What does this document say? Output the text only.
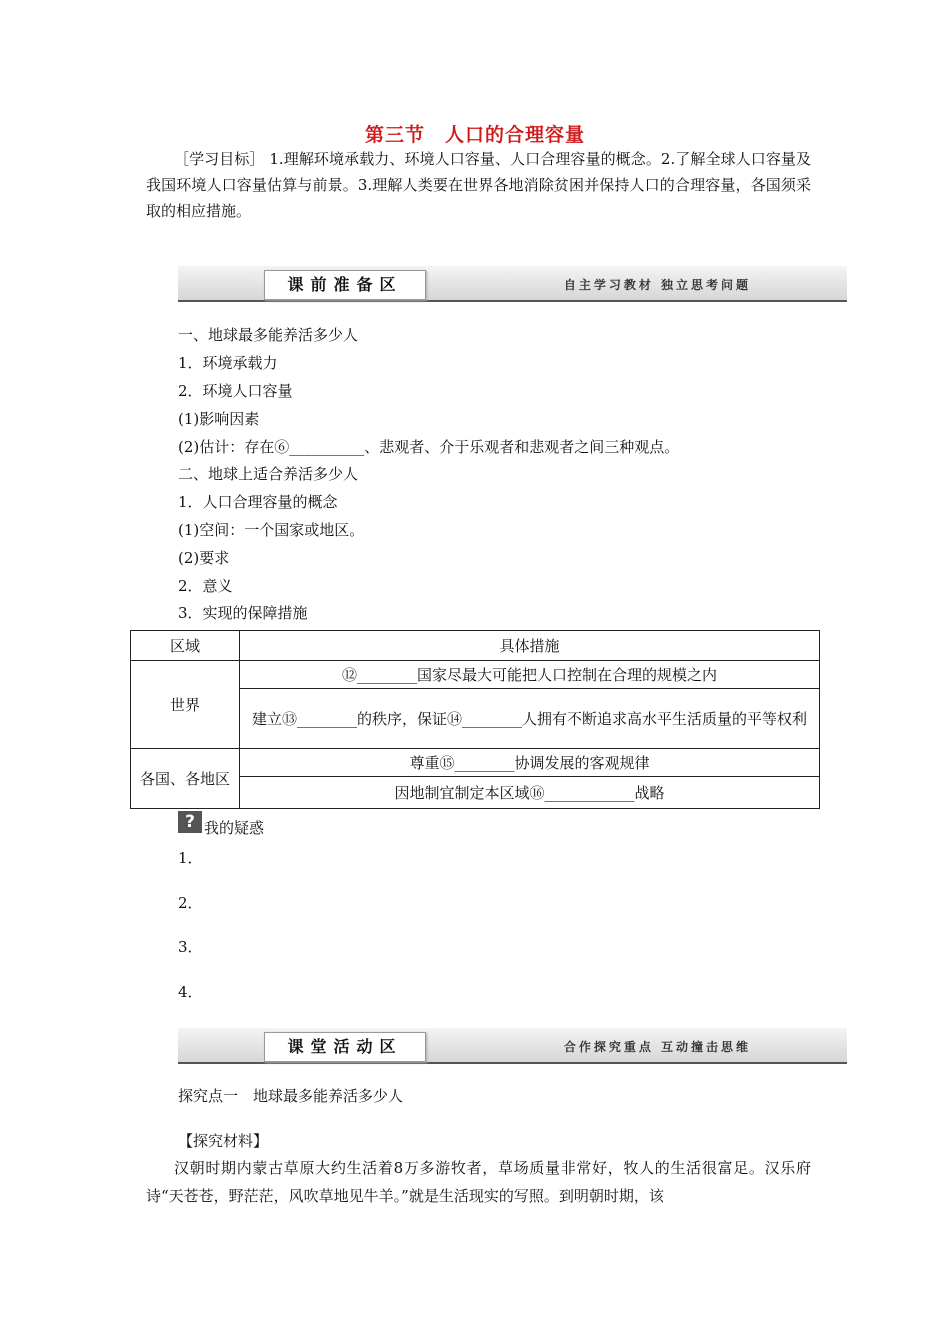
第三节　人口的合理容量
［学习目标］ 1.理解环境承载力、环境人口容量、人口合理容量的概念。2.了解全球人口容量及我国环境人口容量估算与前景。3.理解人类要在世界各地消除贫困并保持人口的合理容量，各国须采取的相应措施。
课前准备区	自主学习教材 独立思考问题
一、地球最多能养活多少人
1．环境承载力
2．环境人口容量
(1)影响因素
(2)估计：存在⑥__________、悲观者、介于乐观者和悲观者之间三种观点。
二、地球上适合养活多少人
1．人口合理容量的概念
(1)空间：一个国家或地区。
(2)要求
2．意义
3．实现的保障措施
区域	具体措施
世界	⑫________国家尽最大可能把人口控制在合理的规模之内
	建立⑬________的秩序，保证⑭________人拥有不断追求高水平生活质量的平等权利
各国、各地区	尊重⑮________协调发展的客观规律
	因地制宜制定本区域⑯____________战略
? 我的疑惑
1．
2．
3．
4．
课堂活动区	合作探究重点 互动撞击思维
探究点一　地球最多能养活多少人
【探究材料】
汉朝时期内蒙古草原大约生活着8万多游牧者，草场质量非常好，牧人的生活很富足。汉乐府诗“天苍苍，野茫茫，风吹草地见牛羊。”就是生活现实的写照。到明朝时期，该
